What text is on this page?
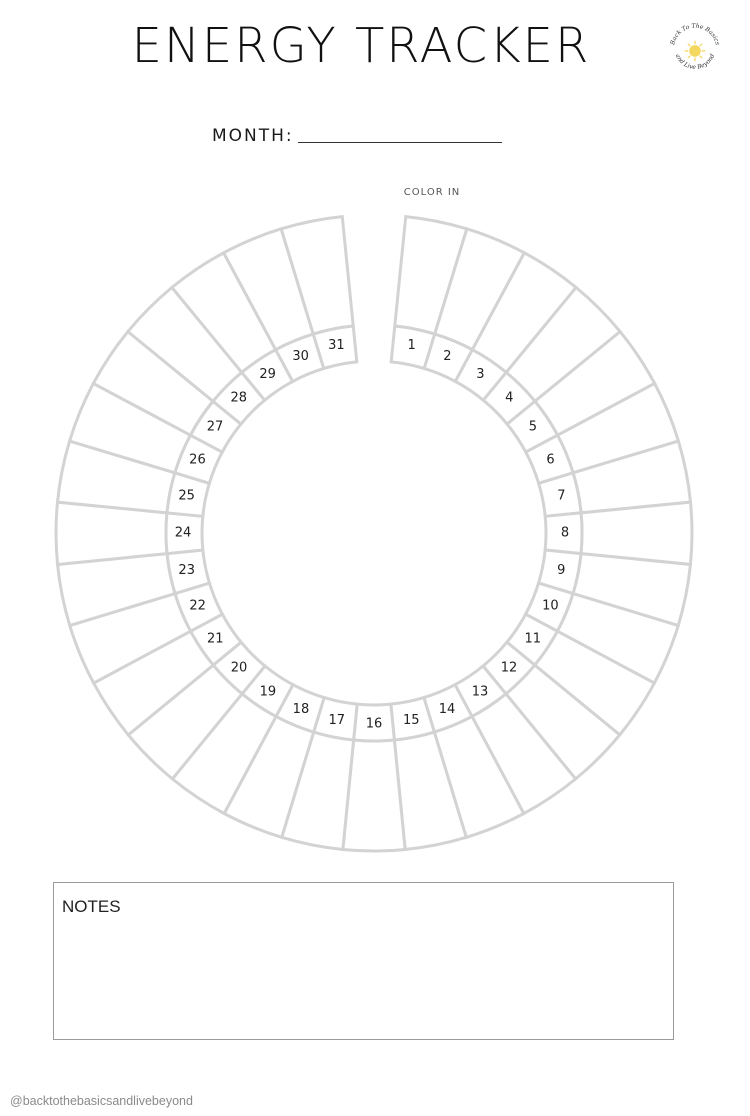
ENERGY TRACKER	Back To The Basics
and Live Beyond
MONTH:
COLOR IN
1
2
3
4
5
6
7
8
9
10
11
12
13
14
15
16
17
18
19
20
21
22
23
24
25
26
27
28
29
30
31
NOTES
@backtothebasicsandlivebeyond
